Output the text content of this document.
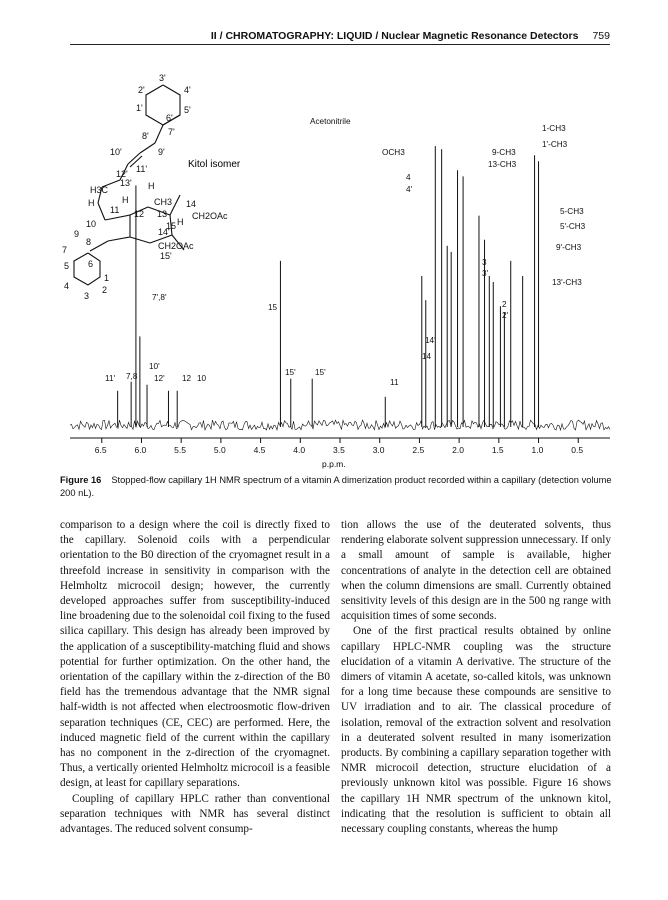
II / CHROMATOGRAPHY: LIQUID / Nuclear Magnetic Resonance Detectors 759
3'
2'	4'
5'
1'
6'
7'
8'
9'
10'
11'
12'
13' H
H3C
H	CH3 14
H
11 12 13	CH2OAc
H
15
10
14'
9
8	CH2OAc
15'
7
5 6
1
4	2
3
Kitol isomer
11' 7,8
7',8'
10'
12' 12 10
15
15' 15'
11
14'
14
OCH3
Acetonitrile
4
4'
9-CH3
13-CH3
5-CH3
5'-CH3
3
3'
2
2'
9'-CH3
13'-CH3
1-CH3
1'-CH3
6.5	6.0	5.5	5.0	4.5	4.0	3.5	3.0	2.5	2.0	1.5	1.0	0.5
p.p.m.
Figure 16 Stopped-flow capillary 1H NMR spectrum of a vitamin A dimerization product recorded within a capillary (detection volume 200 nL).

comparison to a design where the coil is directly fixed to the capillary. Solenoid coils with a perpendicular orientation to the B0 direction of the cryomagnet result in a threefold increase in sensitivity in comparison with the Helmholtz microcoil design; however, the currently developed approaches suffer from susceptibility-induced line broadening due to the solenoidal coil fixing to the fused silica capillary. This design has already been improved by the application of a susceptibility-matching fluid and shows potential for further optimization. On the other hand, the orientation of the capillary within the z-direction of the B0 field has the tremendous advantage that the NMR signal half-width is not affected when electroosmotic flow-driven separation techniques (CE, CEC) are performed. Here, the induced magnetic field of the current within the capillary has no component in the z-direction of the cryomagnet. Thus, a vertically oriented Helmholtz microcoil is a feasible design, at least for capillary separations.

Coupling of capillary HPLC rather than conventional separation techniques with NMR has several distinct advantages. The reduced solvent consump-

tion allows the use of the deuterated solvents, thus rendering elaborate solvent suppression unnecessary. If only a small amount of sample is available, higher concentrations of analyte in the detection cell are obtained when the column dimensions are small. Currently obtained sensitivity levels of this design are in the 500 ng range with acquisition times of some seconds.

One of the first practical results obtained by online capillary HPLC-NMR coupling was the structure elucidation of a vitamin A derivative. The structure of the dimers of vitamin A acetate, so-called kitols, was unknown for a long time because these compounds are sensitive to UV irradiation and to air. The classical procedure of isolation, removal of the extraction solvent and resolvation in a deuterated solvent resulted in many isomerization products. By combining a capillary separation together with NMR microcoil detection, structure elucidation of a previously unknown kitol was possible. Figure 16 shows the capillary 1H NMR spectrum of the unknown kitol, indicating that the resolution is sufficient to obtain all necessary coupling constants, whereas the hump
